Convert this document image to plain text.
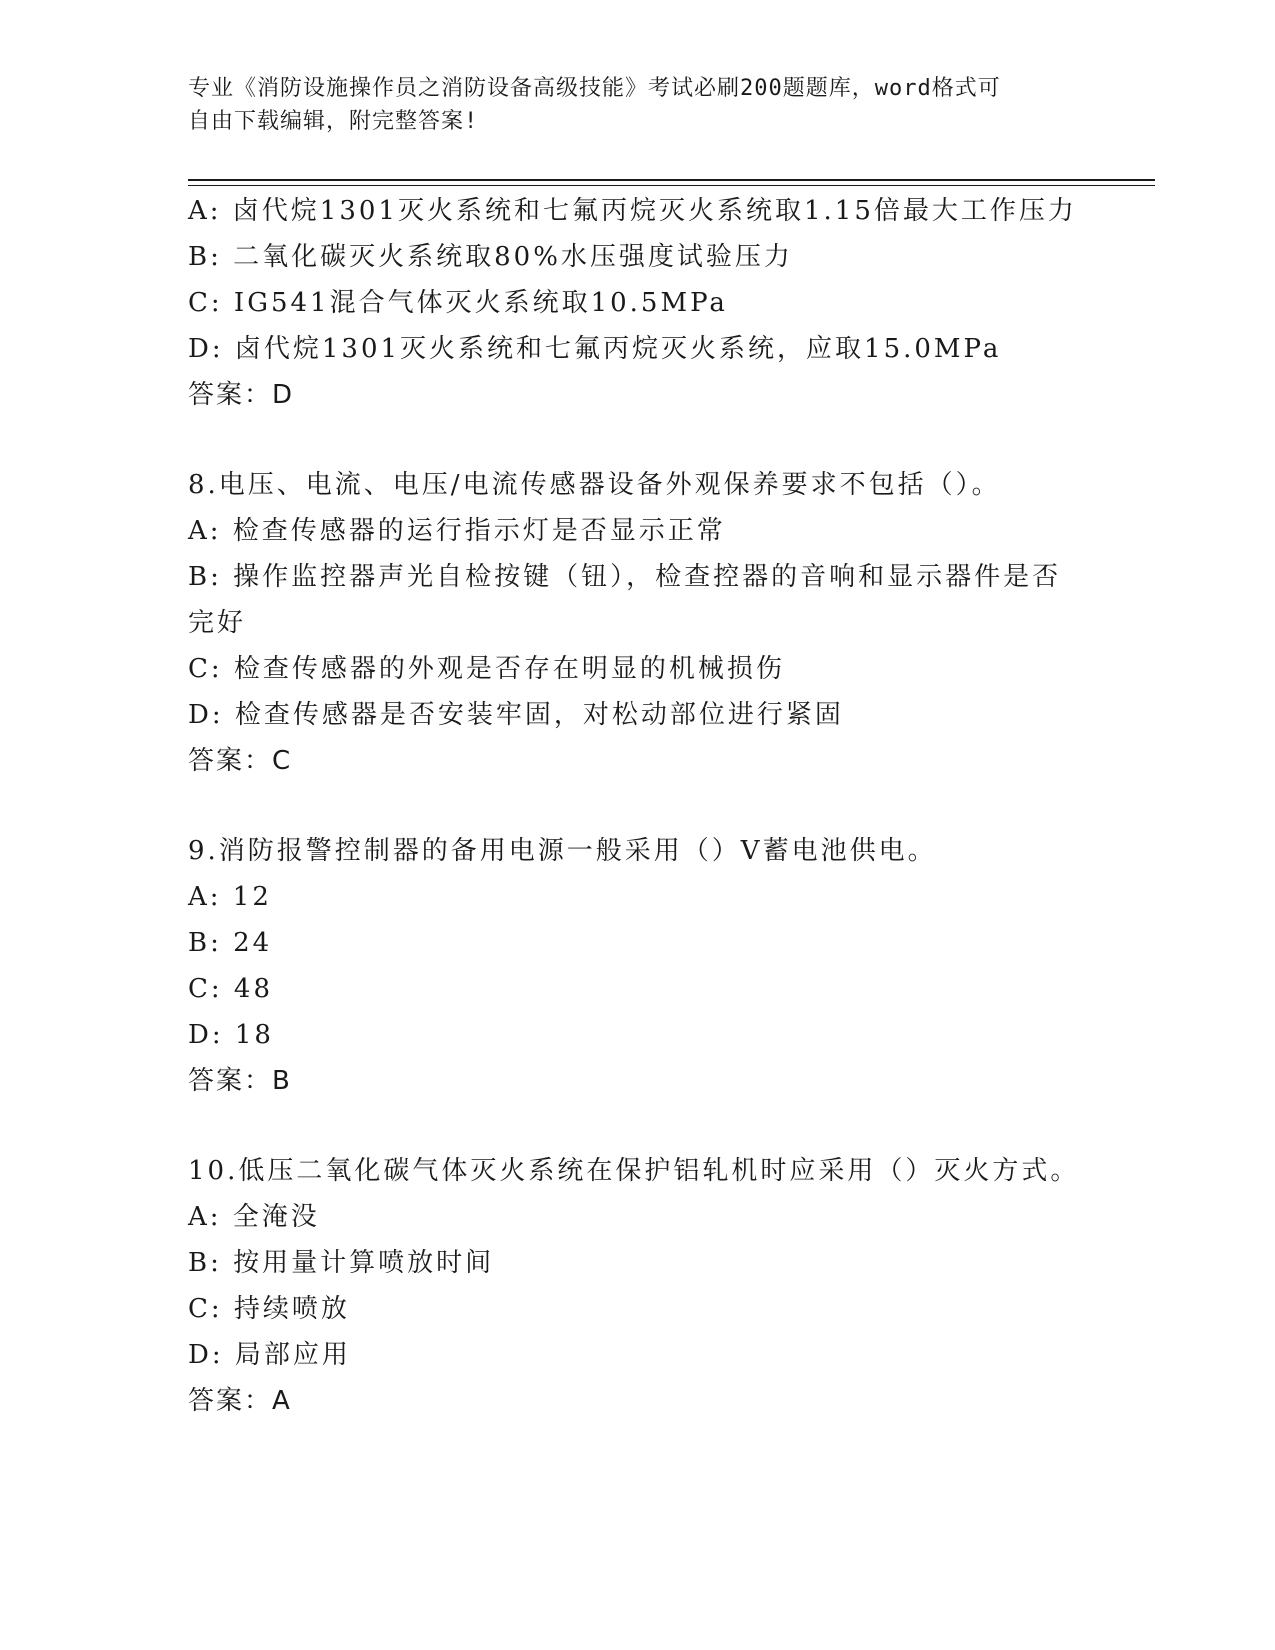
专业《消防设施操作员之消防设备高级技能》考试必刷200题题库，word格式可
自由下载编辑，附完整答案!
A: 卤代烷1301灭火系统和七氟丙烷灭火系统取1.15倍最大工作压力
B: 二氧化碳灭火系统取80%水压强度试验压力
C: IG541混合气体灭火系统取10.5MPa
D: 卤代烷1301灭火系统和七氟丙烷灭火系统，应取15.0MPa
答案：D
8.电压、电流、电压/电流传感器设备外观保养要求不包括（）。
A: 检查传感器的运行指示灯是否显示正常
B: 操作监控器声光自检按键（钮），检查控器的音响和显示器件是否
完好
C: 检查传感器的外观是否存在明显的机械损伤
D: 检查传感器是否安装牢固，对松动部位进行紧固
答案：C
9.消防报警控制器的备用电源一般采用（）V蓄电池供电。
A: 12
B: 24
C: 48
D: 18
答案：B
10.低压二氧化碳气体灭火系统在保护铝轧机时应采用（）灭火方式。
A: 全淹没
B: 按用量计算喷放时间
C: 持续喷放
D: 局部应用
答案：A
